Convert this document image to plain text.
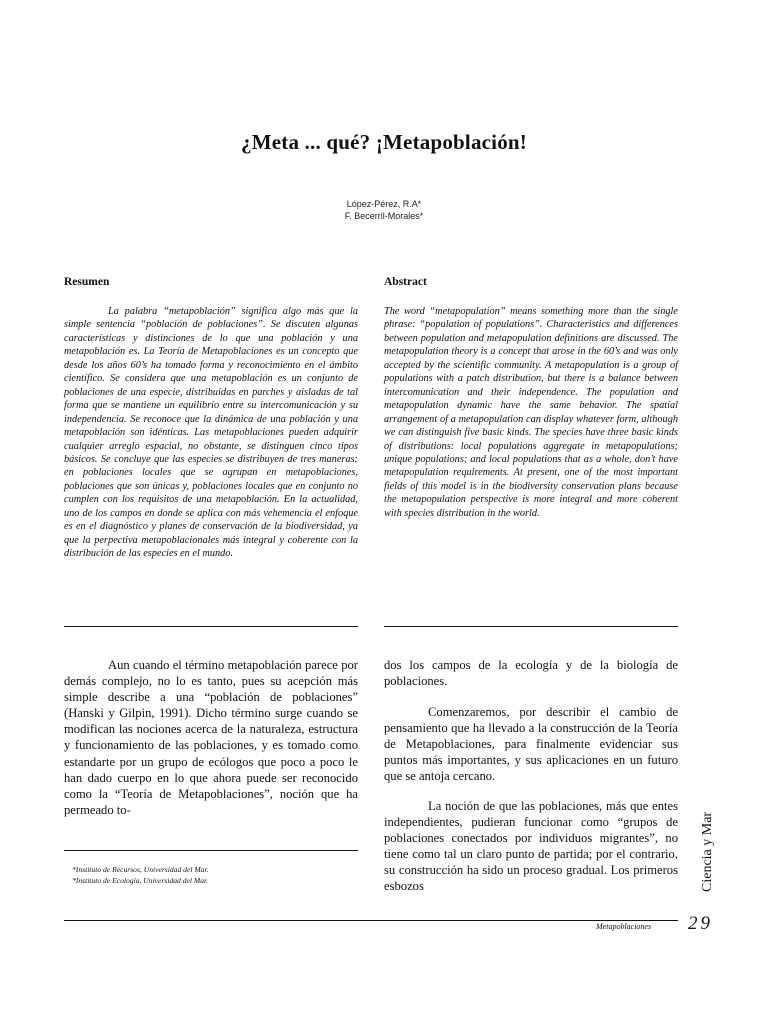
¿Meta ... qué? ¡Metapoblación!
López-Pérez, R.A*
F. Becerril-Morales*
Resumen

La palabra “metapoblación” significa algo más que la simple sentencia “población de poblaciones”. Se discuten algunas características y distinciones de lo que una población y una metapoblación es. La Teoría de Metapoblaciones es un concepto que desde los años 60’s ha tomado forma y reconocimiento en el ámbito científico. Se considera que una metapoblación es un conjunto de poblaciones de una especie, distribuidas en parches y aisladas de tal forma que se mantiene un equilibrio entre su intercomunicación y su independencia. Se reconoce que la dinámica de una población y una metapoblación son idénticas. Las metapoblaciones pueden adquirir cualquier arreglo espacial, no obstante, se distinguen cinco tipos básicos. Se concluye que las especies se distribuyen de tres maneras: en poblaciones locales que se agrupan en metapoblaciones, poblaciones que son únicas y, poblaciones locales que en conjunto no cumplen con los requisitos de una metapoblación. En la actualidad, uno de los campos en donde se aplica con más vehemencia el enfoque es en el diagnóstico y planes de conservación de la biodiversidad, ya que la perpectiva metapoblacionales más integral y coherente con la distribución de las especies en el mundo.

Abstract

The word “metapopulation” means something more than the single phrase: “population of populations”. Characteristics and differences between population and metapopulation definitions are discussed. The metapopulation theory is a concept that arose in the 60’s and was only accepted by the scientific community. A metapopulation is a group of populations with a patch distribution, but there is a balance between intercomunication and their independence. The population and metapopulation dynamic have the same behavior. The spatial arrangement of a metapopulation can display whatever form, although we can distinguish five basic kinds. The species have three basic kinds of distributions: local populations aggregate in metapopulations; unique populations; and local populations that as a whole, don’t have metapopulation requirements. At present, one of the most important fields of this model is in the biodiversity conservation plans because the metapopulation perspective is more integral and more coherent with species distribution in the world.

Aun cuando el término metapoblación parece por demás complejo, no lo es tanto, pues su acepción más simple describe a una “población de poblaciones” (Hanski y Gilpin, 1991). Dicho término surge cuando se modifican las nociones acerca de la naturaleza, estructura y funcionamiento de las poblaciones, y es tomado como estandarte por un grupo de ecólogos que poco a poco le han dado cuerpo en lo que ahora puede ser reconocido como la “Teoría de Metapoblaciones”, noción que ha permeado to-

*Instituto de Recursos, Universidad del Mar.
*Instituto de Ecología, Universidad del Mar.

dos los campos de la ecología y de la biología de poblaciones.

Comenzaremos, por describir el cambio de pensamiento que ha llevado a la construcción de la Teoría de Metapoblaciones, para finalmente evidenciar sus puntos más importantes, y sus aplicaciones en un futuro que se antoja cercano.

La noción de que las poblaciones, más que entes independientes, pudieran funcionar como “grupos de poblaciones conectados por individuos migrantes”, no tiene como tal un claro punto de partida; por el contrario, su construcción ha sido un proceso gradual. Los primeros esbozos	Ciencia y Mar
Metapoblaciones 29
